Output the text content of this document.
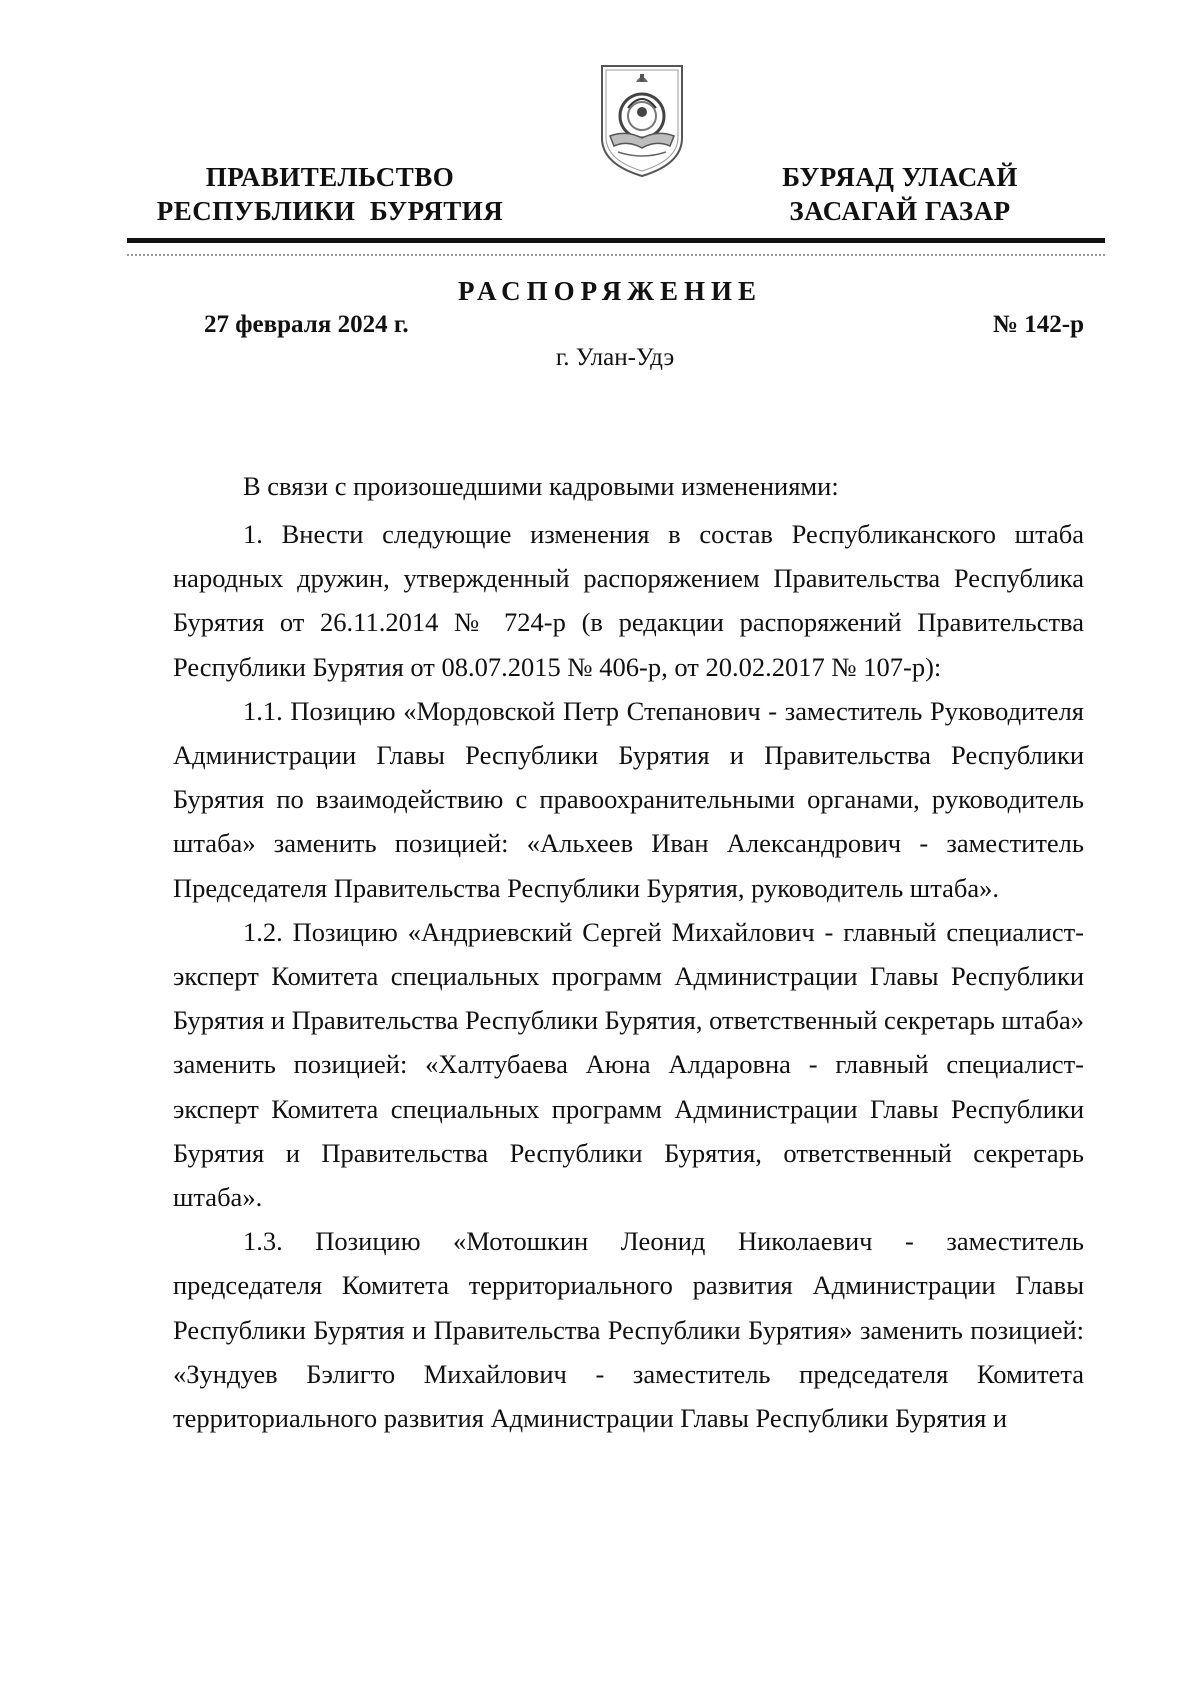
ПРАВИТЕЛЬСТВО
РЕСПУБЛИКИ  БУРЯТИЯ
БУРЯАД УЛАСАЙ
ЗАСАГАЙ ГАЗАР
РАСПОРЯЖЕНИЕ
27 февраля 2024 г.	№ 142-р
г. Улан-Удэ
В связи с произошедшими кадровыми изменениями:

1. Внести следующие изменения в состав Республиканского штаба народных дружин, утвержденный распоряжением Правительства Республика Бурятия от 26.11.2014 № 724-р (в редакции распоряжений Правительства Республики Бурятия от 08.07.2015 № 406-р, от 20.02.2017 № 107-р):

1.1. Позицию «Мордовской Петр Степанович - заместитель Руководителя Администрации Главы Республики Бурятия и Правительства Республики Бурятия по взаимодействию с правоохранительными органами, руководитель штаба» заменить позицией: «Альхеев Иван Александрович - заместитель Председателя Правительства Республики Бурятия, руководитель штаба».

1.2. Позицию «Андриевский Сергей Михайлович - главный специалист-эксперт Комитета специальных программ Администрации Главы Республики Бурятия и Правительства Республики Бурятия, ответственный секретарь штаба» заменить позицией: «Халтубаева Аюна Алдаровна - главный специалист-эксперт Комитета специальных программ Администрации Главы Республики Бурятия и Правительства Республики Бурятия, ответственный секретарь штаба».

1.3. Позицию «Мотошкин Леонид Николаевич - заместитель председателя Комитета территориального развития Администрации Главы Республики Бурятия и Правительства Республики Бурятия» заменить позицией: «Зундуев Бэлигто Михайлович - заместитель председателя Комитета территориального развития Администрации Главы Республики Бурятия и
